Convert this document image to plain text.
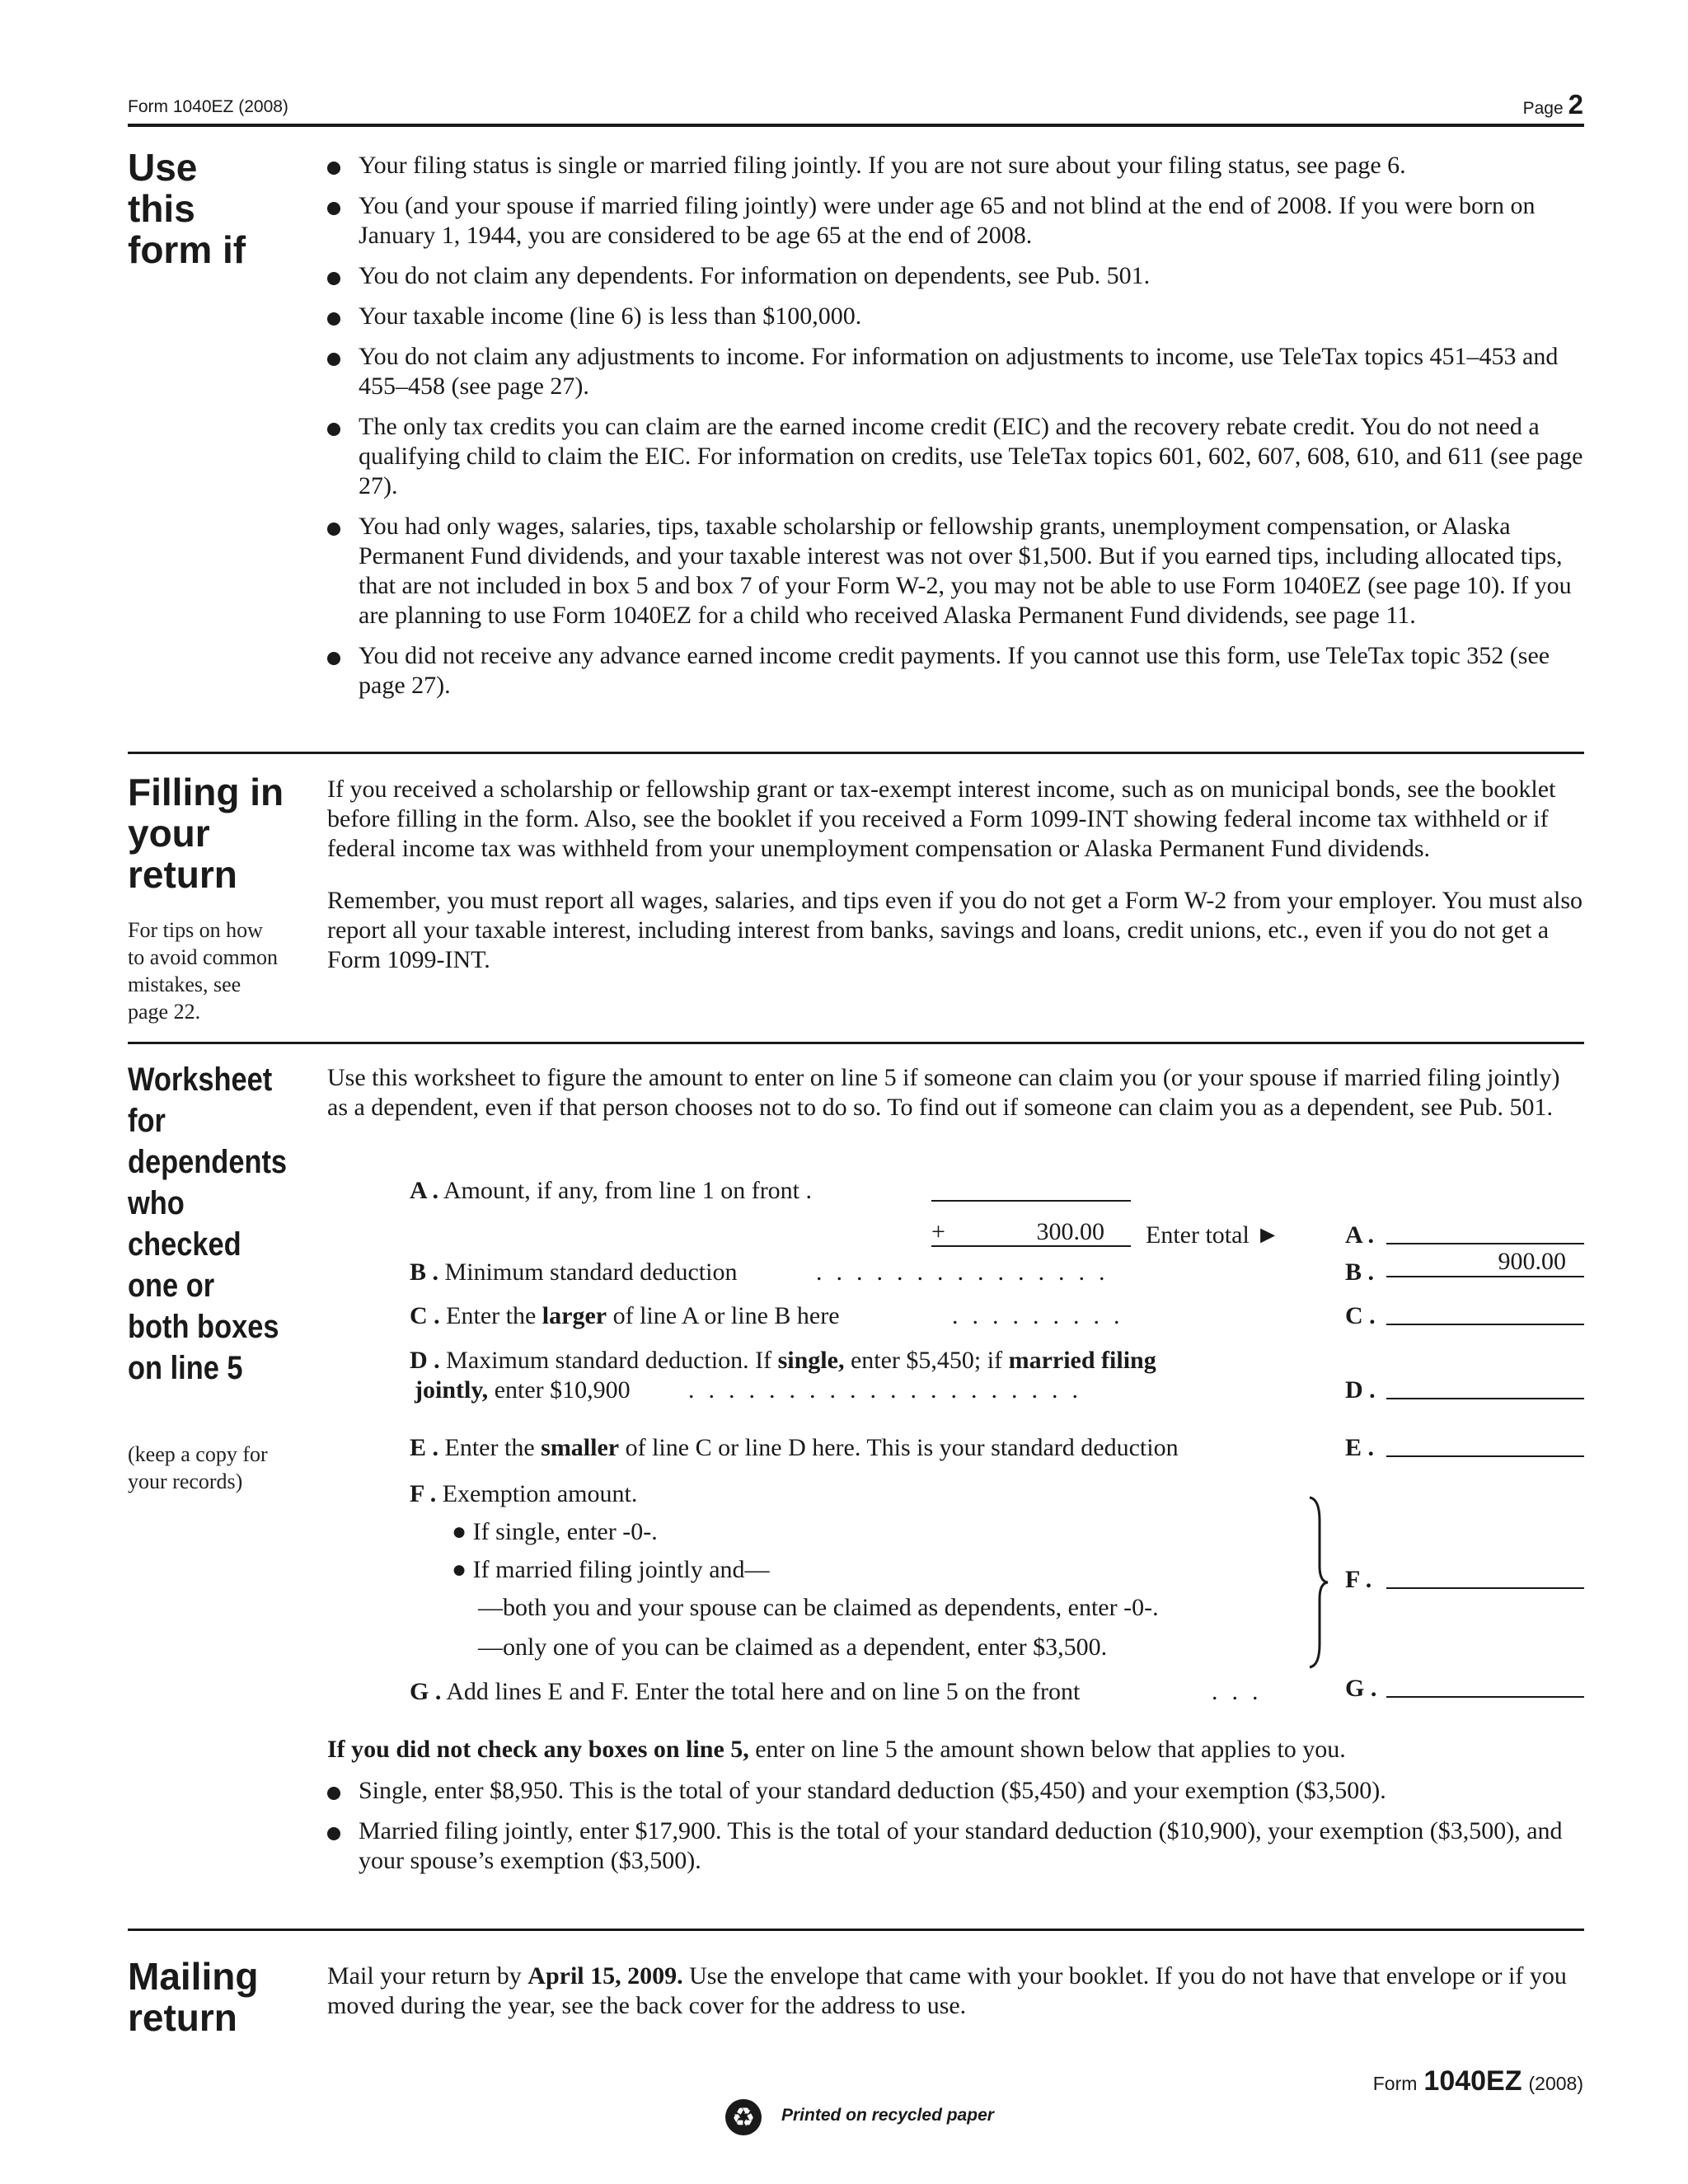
Form 1040EZ (2008)	Page 2
Use
this
form if
Your filing status is single or married filing jointly. If you are not sure about your filing status, see page 6.
You (and your spouse if married filing jointly) were under age 65 and not blind at the end of 2008. If you were born on January 1, 1944, you are considered to be age 65 at the end of 2008.
You do not claim any dependents. For information on dependents, see Pub. 501.
Your taxable income (line 6) is less than $100,000.
You do not claim any adjustments to income. For information on adjustments to income, use TeleTax topics 451–453 and 455–458 (see page 27).
The only tax credits you can claim are the earned income credit (EIC) and the recovery rebate credit. You do not need a qualifying child to claim the EIC. For information on credits, use TeleTax topics 601, 602, 607, 608, 610, and 611 (see page 27).
You had only wages, salaries, tips, taxable scholarship or fellowship grants, unemployment compensation, or Alaska Permanent Fund dividends, and your taxable interest was not over $1,500. But if you earned tips, including allocated tips, that are not included in box 5 and box 7 of your Form W-2, you may not be able to use Form 1040EZ (see page 10). If you are planning to use Form 1040EZ for a child who received Alaska Permanent Fund dividends, see page 11.
You did not receive any advance earned income credit payments. If you cannot use this form, use TeleTax topic 352 (see page 27).
Filling in
your
return
For tips on how
to avoid common
mistakes, see
page 22.

If you received a scholarship or fellowship grant or tax-exempt interest income, such as on municipal bonds, see the booklet before filling in the form. Also, see the booklet if you received a Form 1099-INT showing federal income tax withheld or if federal income tax was withheld from your unemployment compensation or Alaska Permanent Fund dividends.

Remember, you must report all wages, salaries, and tips even if you do not get a Form W-2 from your employer. You must also report all your taxable interest, including interest from banks, savings and loans, credit unions, etc., even if you do not get a Form 1099-INT.

Worksheet
for
dependents
who
checked
one or
both boxes
on line 5
(keep a copy for
your records)
Use this worksheet to figure the amount to enter on line 5 if someone can claim you (or your spouse if married filing jointly) as a dependent, even if that person chooses not to do so. To find out if someone can claim you as a dependent, see Pub. 501.
A . Amount, if any, from line 1 on front .
+	300.00 Enter total ►	A .
B . Minimum standard deduction	...............	B .	900.00
C . Enter the larger of line A or line B here	.........	C .
D . Maximum standard deduction. If single, enter $5,450; if married filing
jointly, enter $10,900 ....................	D .
E . Enter the smaller of line C or line D here. This is your standard deduction	E .
F . Exemption amount.
● If single, enter -0-.
● If married filing jointly and—
—both you and your spouse can be claimed as dependents, enter -0-.
—only one of you can be claimed as a dependent, enter $3,500.
F .
G . Add lines E and F. Enter the total here and on line 5 on the front	...	G .

If you did not check any boxes on line 5, enter on line 5 the amount shown below that applies to you.

Single, enter $8,950. This is the total of your standard deduction ($5,450) and your exemption ($3,500).
Married filing jointly, enter $17,900. This is the total of your standard deduction ($10,900), your exemption ($3,500), and your spouse’s exemption ($3,500).
Mailing
return
Mail your return by April 15, 2009. Use the envelope that came with your booklet. If you do not have that envelope or if you moved during the year, see the back cover for the address to use.
Form 1040EZ (2008)
♻	Printed on recycled paper
